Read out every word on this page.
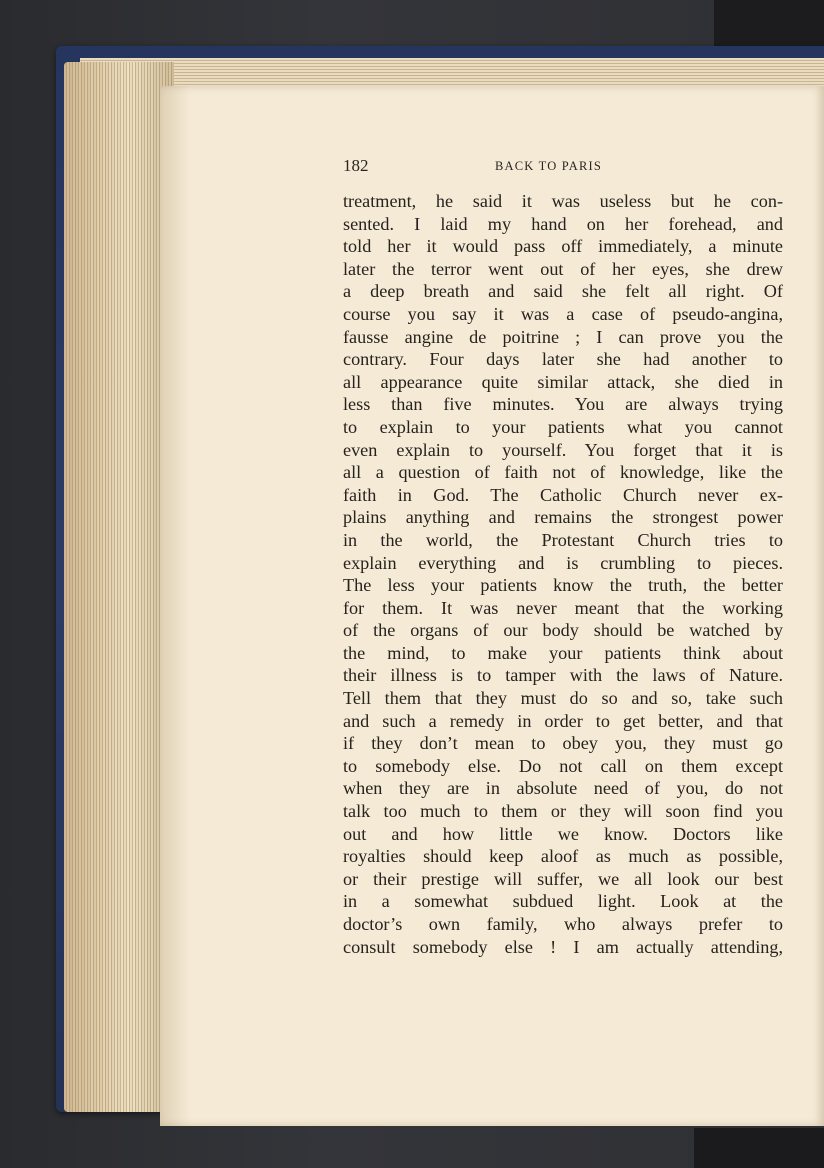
182	BACK TO PARIS
treatment, he said it was useless but he con-
sented. I laid my hand on her forehead, and
told her it would pass off immediately, a minute
later the terror went out of her eyes, she drew
a deep breath and said she felt all right. Of
course you say it was a case of pseudo-angina,
fausse angine de poitrine ; I can prove you the
contrary. Four days later she had another to
all appearance quite similar attack, she died in
less than five minutes. You are always trying
to explain to your patients what you cannot
even explain to yourself. You forget that it is
all a question of faith not of knowledge, like the
faith in God. The Catholic Church never ex-
plains anything and remains the strongest power
in the world, the Protestant Church tries to
explain everything and is crumbling to pieces.
The less your patients know the truth, the better
for them. It was never meant that the working
of the organs of our body should be watched by
the mind, to make your patients think about
their illness is to tamper with the laws of Nature.
Tell them that they must do so and so, take such
and such a remedy in order to get better, and that
if they don’t mean to obey you, they must go
to somebody else. Do not call on them except
when they are in absolute need of you, do not
talk too much to them or they will soon find you
out and how little we know. Doctors like
royalties should keep aloof as much as possible,
or their prestige will suffer, we all look our best
in a somewhat subdued light. Look at the
doctor’s own family, who always prefer to
consult somebody else ! I am actually attending,
